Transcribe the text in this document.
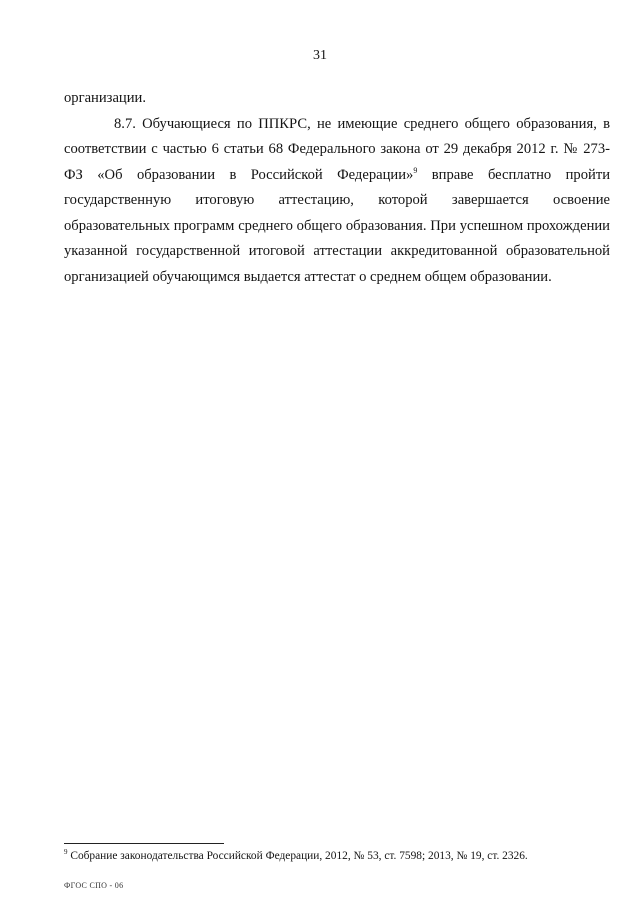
31

организации.

8.7. Обучающиеся по ППКРС, не имеющие среднего общего образования, в соответствии с частью 6 статьи 68 Федерального закона от 29 декабря 2012 г. № 273-ФЗ «Об образовании в Российской Федерации»$^9$ вправе бесплатно пройти государственную итоговую аттестацию, которой завершается освоение образовательных программ среднего общего образования. При успешном прохождении указанной государственной итоговой аттестации аккредитованной образовательной организацией обучающимся выдается аттестат о среднем общем образовании.

$^9$ Собрание законодательства Российской Федерации, 2012, № 53, ст. 7598; 2013, № 19, ст. 2326.
ФГОС СПО - 06
